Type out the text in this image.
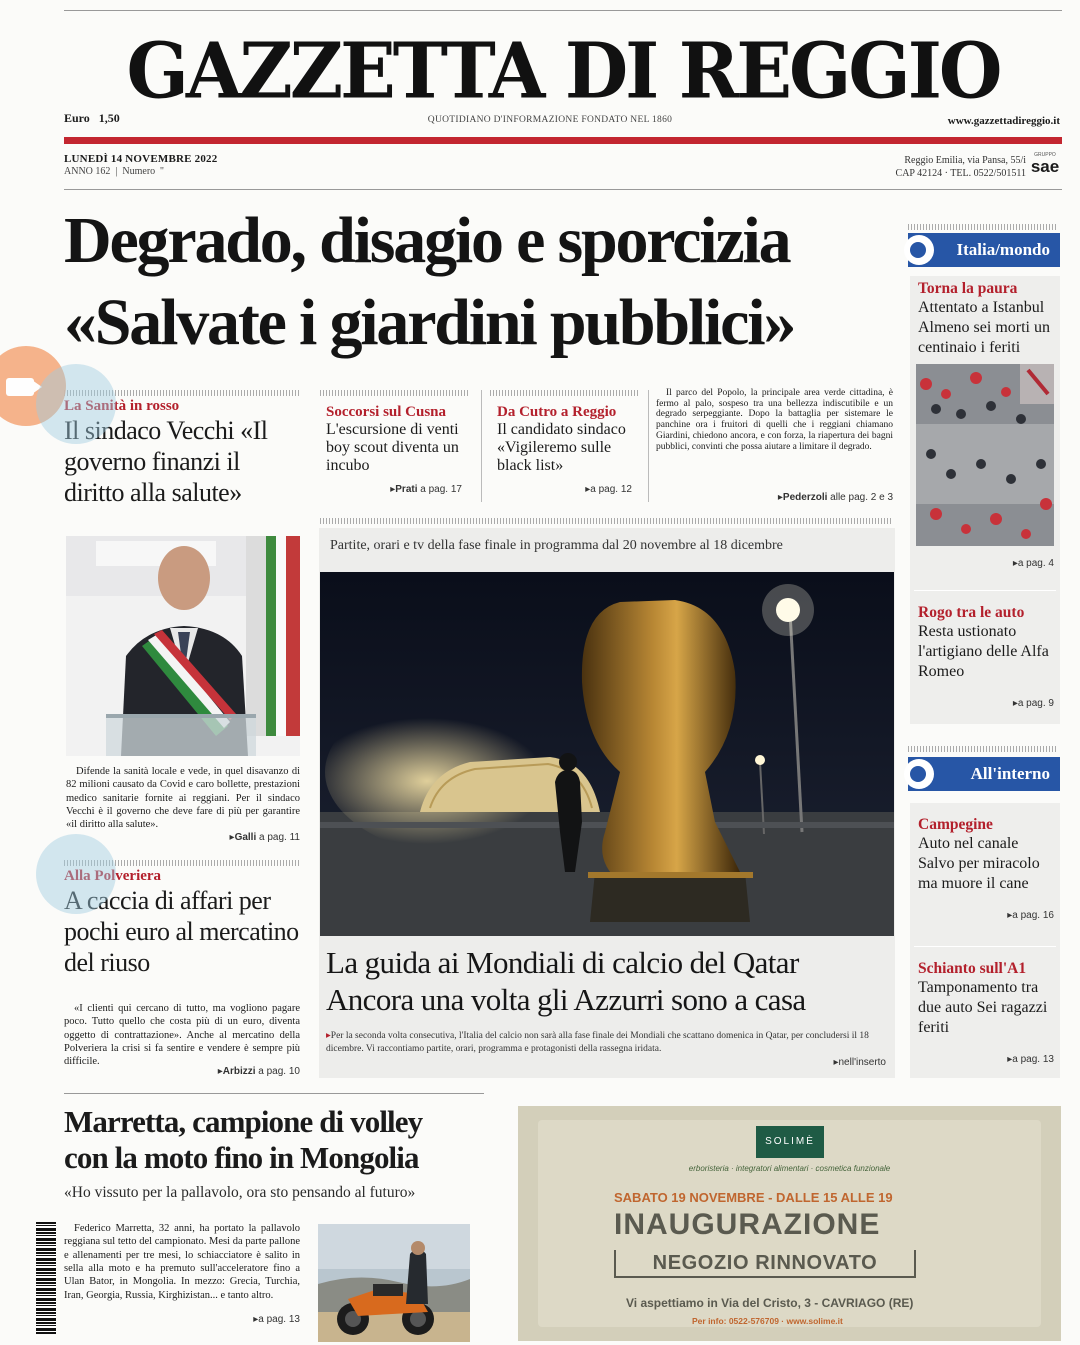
GAZZETTA DI REGGIO
Euro   1,50	QUOTIDIANO D'INFORMAZIONE FONDATO NEL 1860	www.gazzettadireggio.it
LUNEDÌ 14 NOVEMBRE 2022
ANNO 162  |  Numero  ''
Reggio Emilia, via Pansa, 55/i
CAP 42124 · TEL. 0522/501511
GRUPPO
sae
Degrado, disagio e sporcizia
«Salvate i giardini pubblici»
La Sanità in rosso
Il sindaco Vecchi «Il governo finanzi il diritto alla salute»
Difende la sanità locale e vede, in quel disavanzo di 82 milioni causato da Covid e caro bollette, prestazioni medico sanitarie fornite ai reggiani. Per il sindaco Vecchi è il governo che deve fare di più per garantire «il diritto alla salute».
▸Galli a pag. 11
Alla Polveriera
A caccia di affari per pochi euro al mercatino del riuso
«I clienti qui cercano di tutto, ma vogliono pagare poco. Tutto quello che costa più di un euro, diventa oggetto di contrattazione». Anche al mercatino della Polveriera la crisi si fa sentire e vendere è sempre più difficile.
▸Arbizzi a pag. 10
Soccorsi sul Cusna
L'escursione di venti boy scout diventa un incubo
▸Prati a pag. 17
Da Cutro a Reggio
Il candidato sindaco «Vigileremo sulle black list»
▸a pag. 12
Il parco del Popolo, la principale area verde cittadina, è fermo al palo, sospeso tra una bellezza indiscutibile e un degrado serpeggiante. Dopo la battaglia per sistemare le panchine ora i fruitori di quelli che i reggiani chiamano Giardini, chiedono ancora, e con forza, la riapertura dei bagni pubblici, convinti che possa aiutare a limitare il degrado.
▸Pederzoli alle pag. 2 e 3
Partite, orari e tv della fase finale in programma dal 20 novembre al 18 dicembre
La guida ai Mondiali di calcio del Qatar
Ancora una volta gli Azzurri sono a casa
▸Per la seconda volta consecutiva, l'Italia del calcio non sarà alla fase finale dei Mondiali che scattano domenica in Qatar, per concludersi il 18 dicembre. Vi raccontiamo partite, orari, programma e protagonisti della rassegna iridata.
▸nell'inserto
Italia/mondo
Torna la paura
Attentato a Istanbul Almeno sei morti un centinaio i feriti
▸a pag. 4
Rogo tra le auto
Resta ustionato l'artigiano delle Alfa Romeo
▸a pag. 9
All'interno
Campegine
Auto nel canale Salvo per miracolo ma muore il cane
▸a pag. 16
Schianto sull'A1
Tamponamento tra due auto Sei ragazzi feriti
▸a pag. 13
Marretta, campione di volley
con la moto fino in Mongolia
«Ho vissuto per la pallavolo, ora sto pensando al futuro»
Federico Marretta, 32 anni, ha portato la pallavolo reggiana sul tetto del campionato. Mesi da parte pallone e allenamenti per tre mesi, lo schiacciatore è salito in sella alla moto e ha premuto sull'acceleratore fino a Ulan Bator, in Mongolia. In mezzo: Grecia, Turchia, Iran, Georgia, Russia, Kirghizistan... e tanto altro.
▸a pag. 13
SOLIMÈ
erboristeria · integratori alimentari · cosmetica funzionale
SABATO 19 NOVEMBRE - DALLE 15 ALLE 19
INAUGURAZIONE
NEGOZIO RINNOVATO
Vi aspettiamo in Via del Cristo, 3 - CAVRIAGO (RE)
Per info: 0522-576709 · www.solime.it
